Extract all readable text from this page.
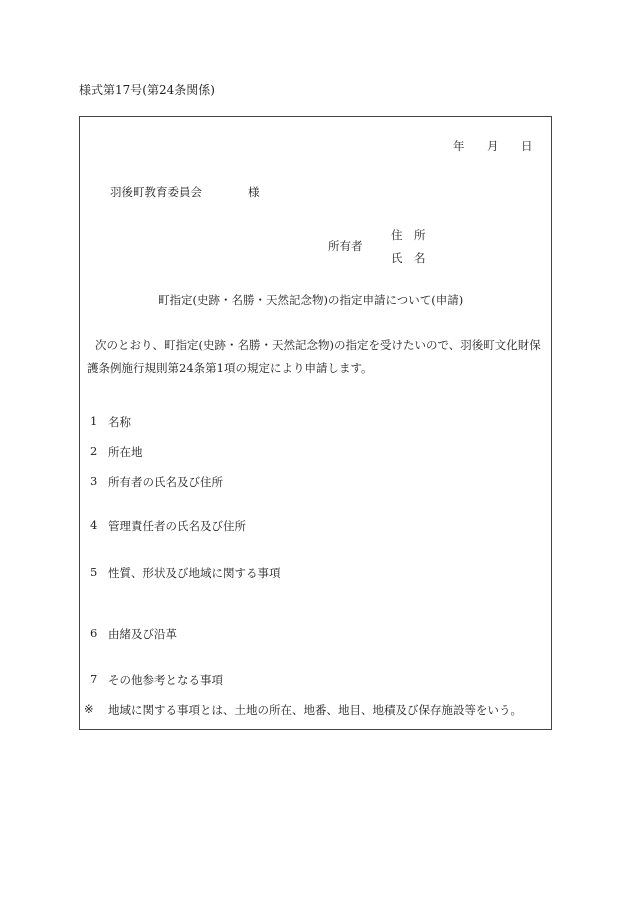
様式第17号(第24条関係)
年 月 日
羽後町教育委員会	様
所有者
住　所
氏　名
町指定(史跡・名勝・天然記念物)の指定申請について(申請)
次のとおり、町指定(史跡・名勝・天然記念物)の指定を受けたいので、羽後町文化財保
護条例施行規則第24条第1項の規定により申請します。
1 名称
2 所在地
3 所有者の氏名及び住所
4 管理責任者の氏名及び住所
5 性質、形状及び地域に関する事項
6 由緒及び沿革
7 その他参考となる事項
※ 地域に関する事項とは、土地の所在、地番、地目、地積及び保存施設等をいう。
